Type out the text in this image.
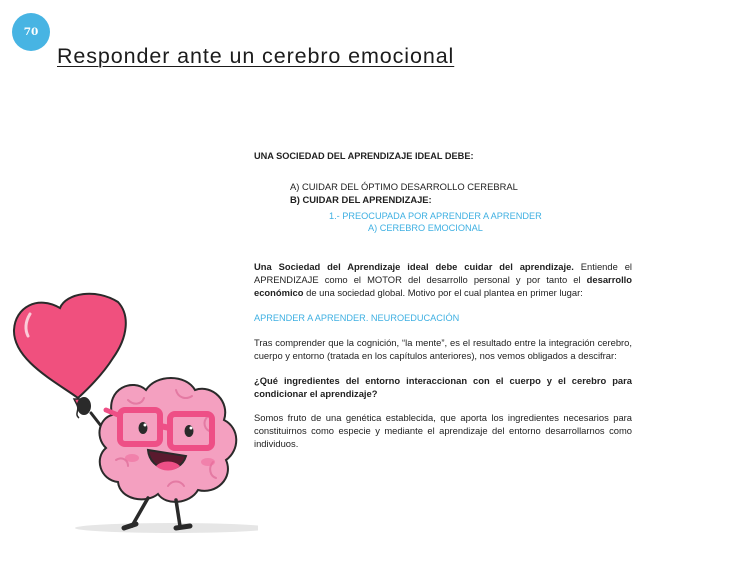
70
Responder ante un cerebro emocional

UNA SOCIEDAD DEL APRENDIZAJE IDEAL DEBE:

A) CUIDAR DEL ÓPTIMO DESARROLLO CEREBRAL

B) CUIDAR DEL APRENDIZAJE:

1.- PREOCUPADA POR APRENDER A APRENDER

A) CEREBRO EMOCIONAL

Una Sociedad del Aprendizaje ideal debe cuidar del aprendizaje. Entiende el APRENDIZAJE como el MOTOR del desarrollo personal y por tanto el desarrollo económico de una sociedad global. Motivo por el cual plantea en primer lugar:

APRENDER A APRENDER. NEUROEDUCACIÓN

Tras comprender que la cognición, “la mente”, es el resultado entre la integración cerebro, cuerpo y entorno (tratada en los capítulos anteriores), nos vemos obligados a descifrar:

¿Qué ingredientes del entorno interaccionan con el cuerpo y el cerebro para condicionar el aprendizaje?

Somos fruto de una genética establecida, que aporta los ingredientes necesarios para constituirnos como especie y mediante el aprendizaje del entorno desarrollarnos como individuos.
